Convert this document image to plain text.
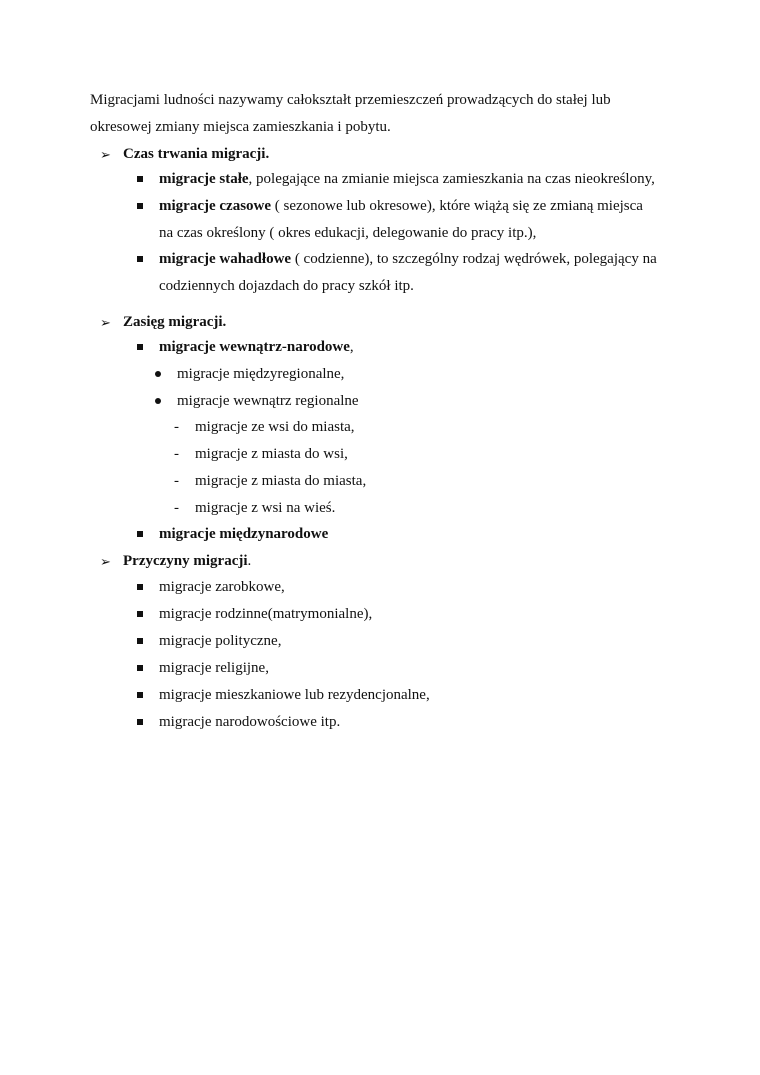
Migracjami ludności nazywamy całokształt przemieszczeń prowadzących do stałej lub
okresowej zmiany miejsca zamieszkania i pobytu.
➢ Czas trwania migracji.
migracje stałe, polegające na zmianie miejsca zamieszkania na czas nieokreślony,
migracje czasowe ( sezonowe lub okresowe), które wiążą się ze zmianą miejsca
na czas określony ( okres edukacji, delegowanie do pracy itp.),
migracje wahadłowe ( codzienne), to szczególny rodzaj wędrówek, polegający na
codziennych dojazdach do pracy szkół itp.
➢ Zasięg migracji.
migracje wewnątrz-narodowe,
migracje międzyregionalne,
migracje wewnątrz regionalne
- migracje ze wsi do miasta,
- migracje z miasta do wsi,
- migracje z miasta do miasta,
- migracje z wsi na wieś.
migracje międzynarodowe
➢ Przyczyny migracji.
migracje zarobkowe,
migracje rodzinne(matrymonialne),
migracje polityczne,
migracje religijne,
migracje mieszkaniowe lub rezydencjonalne,
migracje narodowościowe itp.
